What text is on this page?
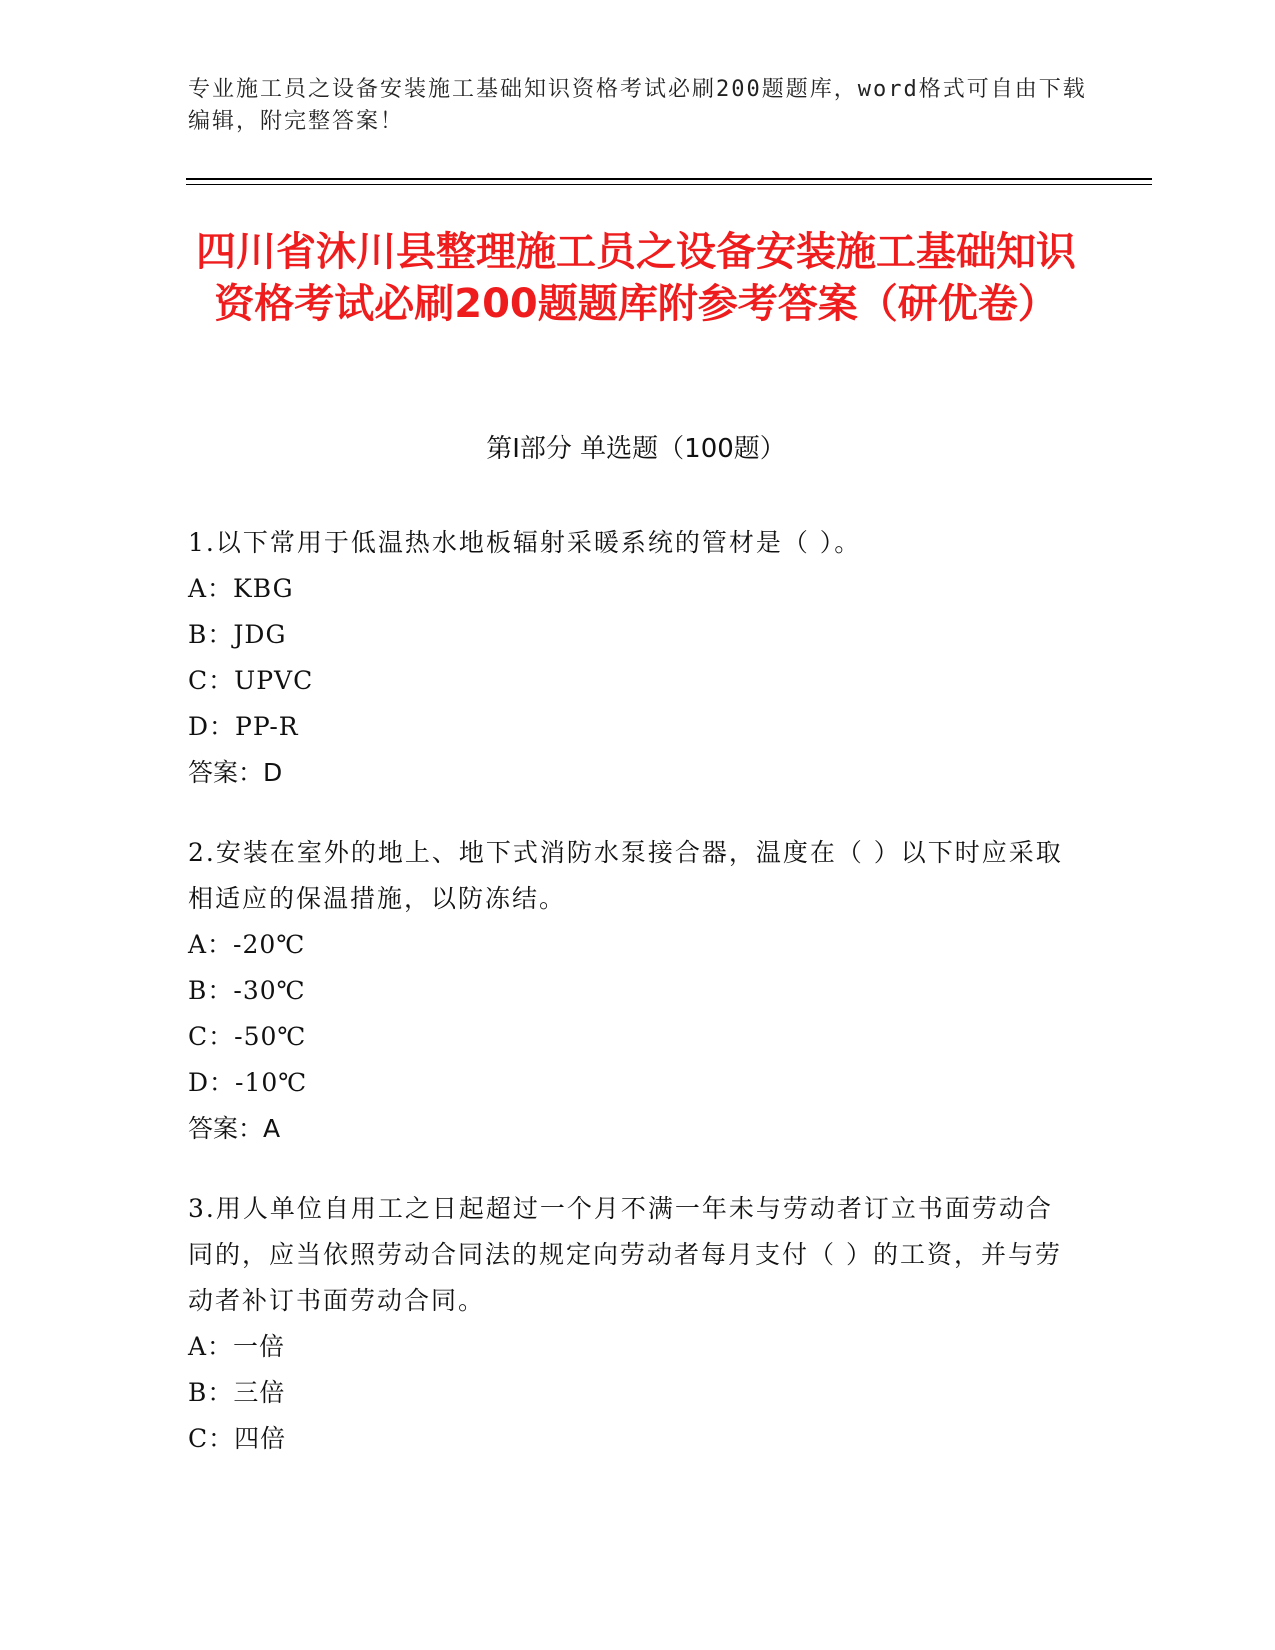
专业施工员之设备安装施工基础知识资格考试必刷200题题库，word格式可自由下载编辑，附完整答案！
四川省沐川县整理施工员之设备安装施工基础知识资格考试必刷200题题库附参考答案（研优卷）
第Ⅰ部分 单选题（100题）
1.以下常用于低温热水地板辐射采暖系统的管材是（ ）。
A：KBG
B：JDG
C：UPVC
D：PP-R
答案：D
2.安装在室外的地上、地下式消防水泵接合器，温度在（ ）以下时应采取相适应的保温措施，以防冻结。
A：-20℃
B：-30℃
C：-50℃
D：-10℃
答案：A
3.用人单位自用工之日起超过一个月不满一年未与劳动者订立书面劳动合同的，应当依照劳动合同法的规定向劳动者每月支付（ ）的工资，并与劳动者补订书面劳动合同。
A：一倍
B：三倍
C：四倍
